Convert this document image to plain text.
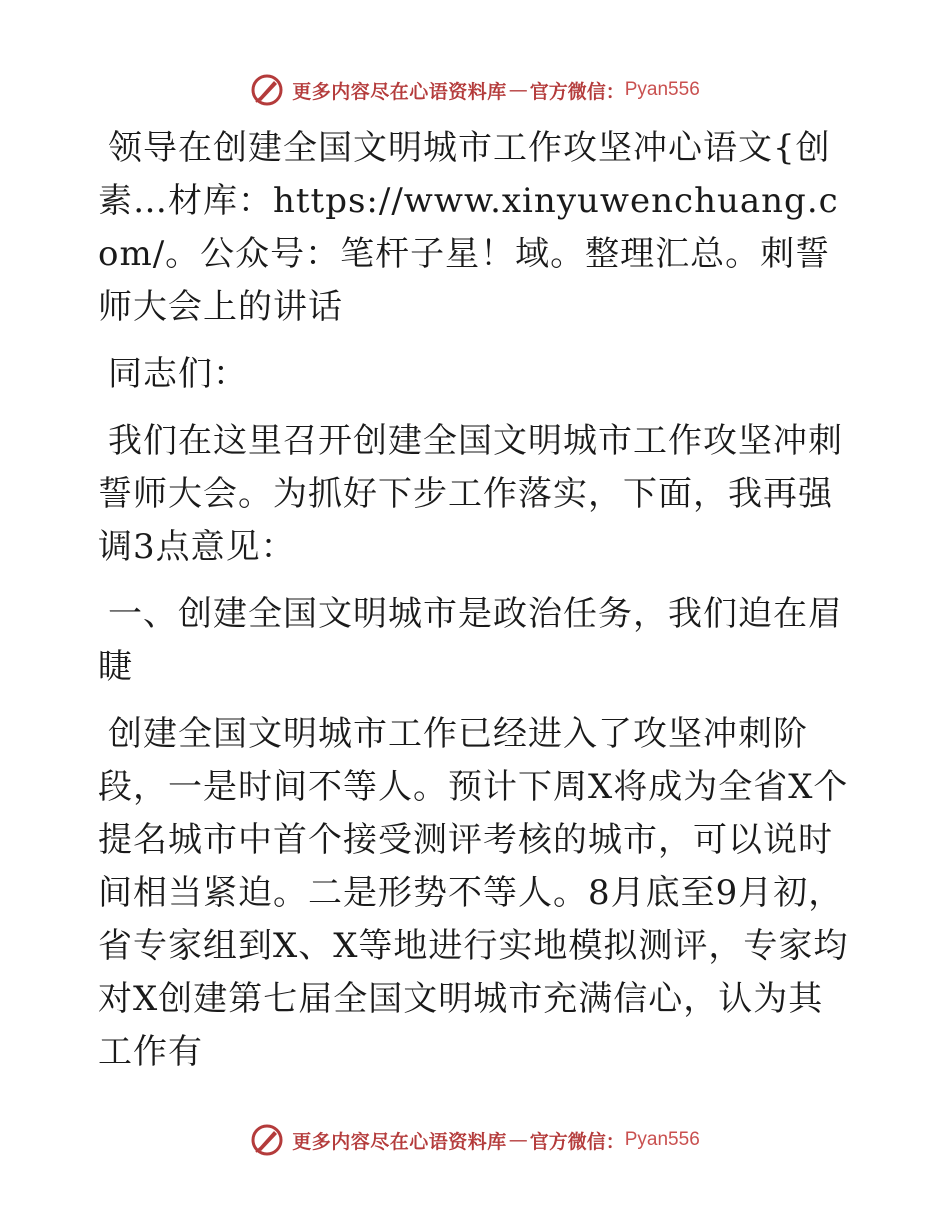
更多内容尽在心语资料库 — 官方微信： Pyan556

领导在创建全国文明城市工作攻坚冲心语文{创素…材库：https://www.xinyuwenchuang.com/。公众号：笔杆子星！域。整理汇总。刺誓师大会上的讲话

同志们：

我们在这里召开创建全国文明城市工作攻坚冲刺誓师大会。为抓好下步工作落实，下面，我再强调3点意见：

一、创建全国文明城市是政治任务，我们迫在眉睫

创建全国文明城市工作已经进入了攻坚冲刺阶段，一是时间不等人。预计下周X将成为全省X个提名城市中首个接受测评考核的城市，可以说时间相当紧迫。二是形势不等人。8月底至9月初，省专家组到X、X等地进行实地模拟测评，专家均对X创建第七届全国文明城市充满信心，认为其工作有

更多内容尽在心语资料库 — 官方微信： Pyan556
